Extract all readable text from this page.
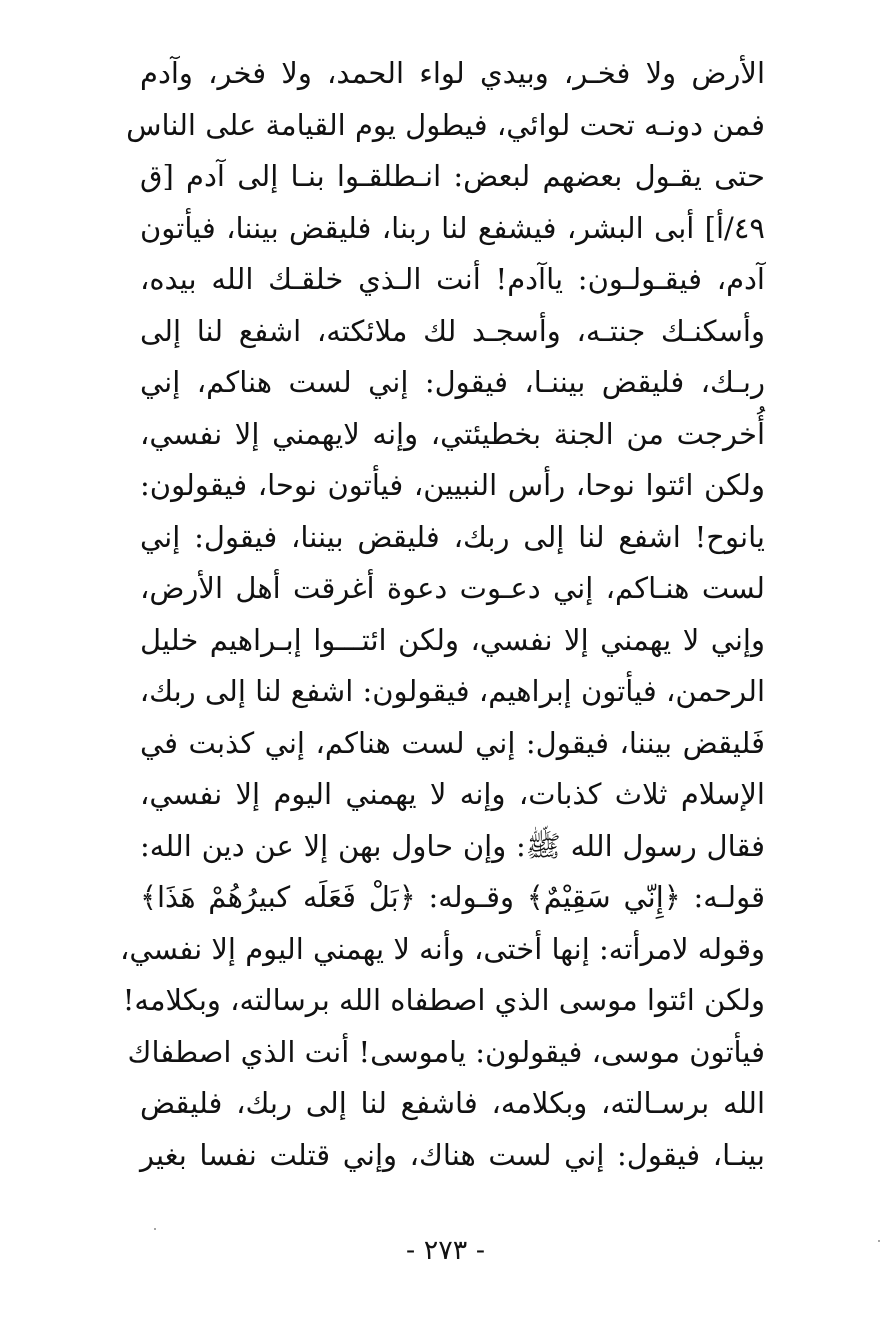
الأرض ولا فخـر، وبيدي لواء الحمد، ولا فخر، وآدم
فمن دونـه تحت لوائي، فيطول يوم القيامة على الناس
حتى يقـول بعضهم لبعض: انـطلقـوا بنـا إلى آدم [ق
٤٩/أ] أبى البشر، فيشفع لنا ربنا، فليقض بيننا، فيأتون
آدم، فيقـولـون: ياآدم! أنت الـذي خلقـك الله بيده،
وأسكنـك جنتـه، وأسجـد لك ملائكته، اشفع لنا إلى
ربـك، فليقض بيننـا، فيقول: إني لست هناكم، إني
أُخرجت من الجنة بخطيئتي، وإنه لايهمني إلا نفسي،
ولكن ائتوا نوحا، رأس النبيين، فيأتون نوحا، فيقولون:
يانوح! اشفع لنا إلى ربك، فليقض بيننا، فيقول: إني
لست هنـاكم، إني دعـوت دعوة أغرقت أهل الأرض،
وإني لا يهمني إلا نفسي، ولكن ائتـــوا إبـراهيم خليل
الرحمن، فيأتون إبراهيم، فيقولون: اشفع لنا إلى ربك،
فَليقض بيننا، فيقول: إني لست هناكم، إني كذبت في
الإسلام ثلاث كذبات، وإنه لا يهمني اليوم إلا نفسي،
فقال رسول الله ﷺ: وإن حاول بهن إلا عن دين الله:
قولـه: ﴿إِنّي سَقِيْمٌ﴾ وقـوله: ﴿بَلْ فَعَلَه كبيرُهُمْ هَذَا﴾
وقوله لامرأته: إنها أختى، وأنه لا يهمني اليوم إلا نفسي،
ولكن ائتوا موسى الذي اصطفاه الله برسالته، وبكلامه!
فيأتون موسى، فيقولون: ياموسى! أنت الذي اصطفاك
الله برسـالته، وبكلامه، فاشفع لنا إلى ربك، فليقض
بينـا، فيقول: إني لست هناك، وإني قتلت نفسا بغير
- ٢٧٣ -
